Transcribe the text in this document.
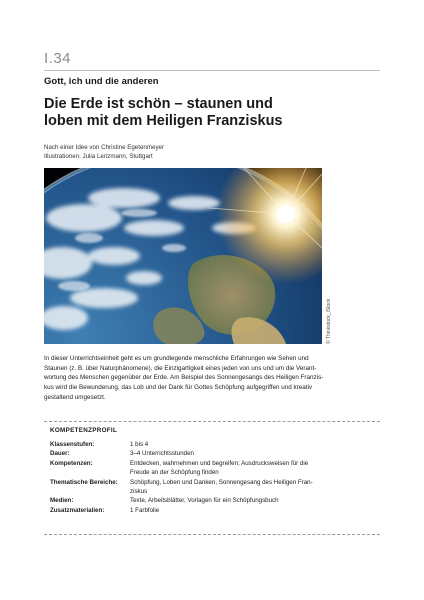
I.34
Gott, ich und die anderen
Die Erde ist schön – staunen und
loben mit dem Heiligen Franziskus
Nach einer Idee von Christine Egetenmeyer
Illustrationen: Julia Lenzmann, Stuttgart
© Thinkstock_iStock
In dieser Unterrichtseinheit geht es um grundlegende menschliche Erfahrungen wie Sehen und
Staunen (z. B. über Naturphänomene), die Einzigartigkeit eines jeden von uns und um die Verant-
wortung des Menschen gegenüber der Erde. Am Beispiel des Sonnengesangs des Heiligen Franzis-
kus wird die Bewunderung, das Lob und der Dank für Gottes Schöpfung aufgegriffen und kreativ
gestaltend umgesetzt.
KOMPETENZPROFIL
Klassenstufen:	1 bis 4
Dauer:	3–4 Unterrichtsstunden
Kompetenzen:	Entdecken, wahrnehmen und begreifen; Ausdrucksweisen für die
Freude an der Schöpfung finden
Thematische Bereiche:	Schöpfung, Loben und Danken, Sonnengesang des Heiligen Fran-
ziskus
Medien:	Texte, Arbeitsblätter, Vorlagen für ein Schöpfungsbuch
Zusatzmaterialien:	1 Farbfolie
